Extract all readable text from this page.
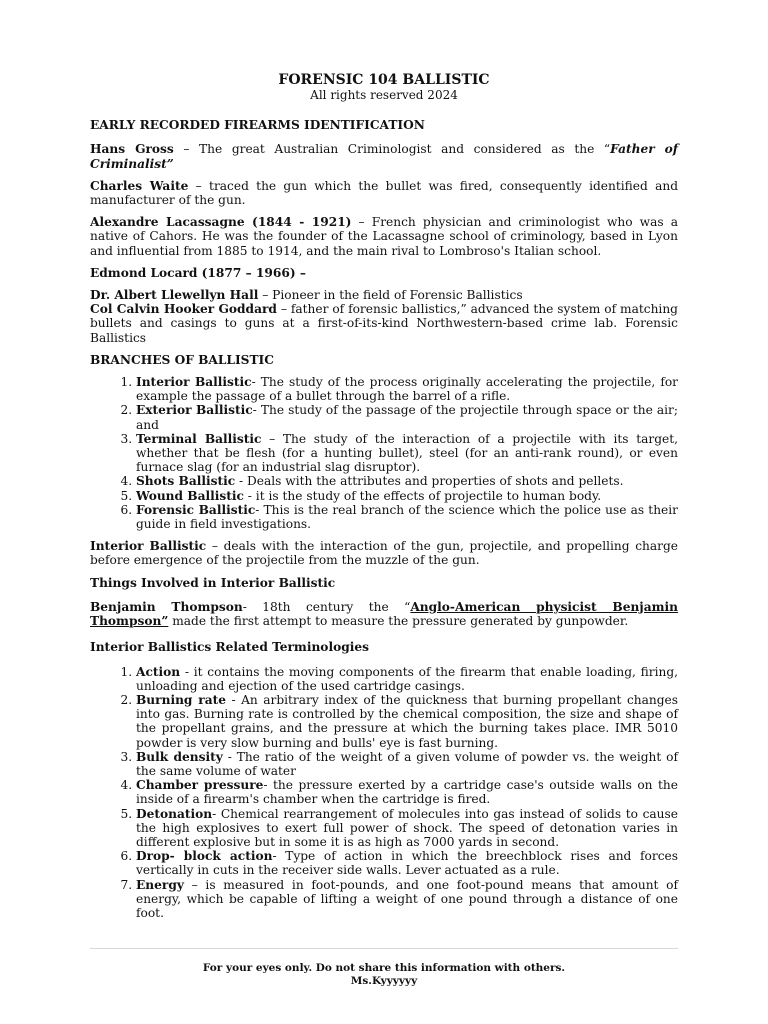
FORENSIC 104 BALLISTIC
All rights reserved 2024
EARLY RECORDED FIREARMS IDENTIFICATION

Hans Gross – The great Australian Criminologist and considered as the “Father of Criminalist”

Charles Waite – traced the gun which the bullet was fired, consequently identified and manufacturer of the gun.

Alexandre Lacassagne (1844 - 1921) – French physician and criminologist who was a native of Cahors. He was the founder of the Lacassagne school of criminology, based in Lyon and influential from 1885 to 1914, and the main rival to Lombroso's Italian school.

Edmond Locard (1877 – 1966) –

Dr. Albert Llewellyn Hall – Pioneer in the field of Forensic Ballistics
Col Calvin Hooker Goddard – father of forensic ballistics,” advanced the system of matching bullets and casings to guns at a first-of-its-kind Northwestern-based crime lab. Forensic Ballistics

BRANCHES OF BALLISTIC
1. Interior Ballistic- The study of the process originally accelerating the projectile, for example the passage of a bullet through the barrel of a rifle.
2. Exterior Ballistic- The study of the passage of the projectile through space or the air; and
3. Terminal Ballistic – The study of the interaction of a projectile with its target, whether that be flesh (for a hunting bullet), steel (for an anti-rank round), or even furnace slag (for an industrial slag disruptor).
4. Shots Ballistic - Deals with the attributes and properties of shots and pellets.
5. Wound Ballistic - it is the study of the effects of projectile to human body.
6. Forensic Ballistic- This is the real branch of the science which the police use as their guide in field investigations.

Interior Ballistic – deals with the interaction of the gun, projectile, and propelling charge before emergence of the projectile from the muzzle of the gun.

Things Involved in Interior Ballistic

Benjamin Thompson- 18th century the “Anglo-American physicist Benjamin Thompson” made the first attempt to measure the pressure generated by gunpowder.

Interior Ballistics Related Terminologies
1. Action - it contains the moving components of the firearm that enable loading, firing, unloading and ejection of the used cartridge casings.
2. Burning rate - An arbitrary index of the quickness that burning propellant changes into gas. Burning rate is controlled by the chemical composition, the size and shape of the propellant grains, and the pressure at which the burning takes place. IMR 5010 powder is very slow burning and bulls' eye is fast burning.
3. Bulk density - The ratio of the weight of a given volume of powder vs. the weight of the same volume of water
4. Chamber pressure- the pressure exerted by a cartridge case's outside walls on the inside of a firearm's chamber when the cartridge is fired.
5. Detonation- Chemical rearrangement of molecules into gas instead of solids to cause the high explosives to exert full power of shock. The speed of detonation varies in different explosive but in some it is as high as 7000 yards in second.
6. Drop- block action- Type of action in which the breechblock rises and forces vertically in cuts in the receiver side walls. Lever actuated as a rule.
7. Energy – is measured in foot-pounds, and one foot-pound means that amount of energy, which be capable of lifting a weight of one pound through a distance of one foot.
For your eyes only. Do not share this information with others.
Ms.Kyyyyyy
